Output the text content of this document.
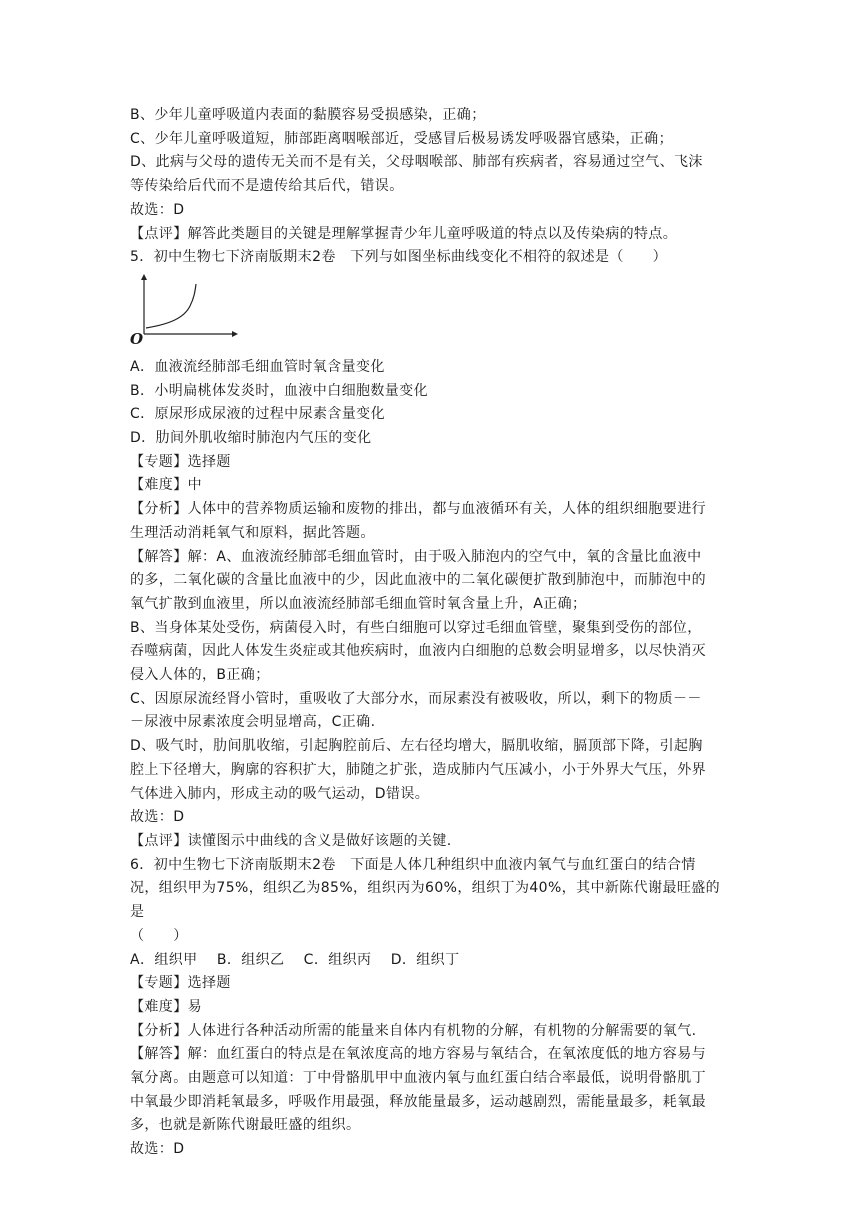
B、少年儿童呼吸道内表面的黏膜容易受损感染，正确；

C、少年儿童呼吸道短，肺部距离咽喉部近，受感冒后极易诱发呼吸器官感染，正确；

D、此病与父母的遗传无关而不是有关，父母咽喉部、肺部有疾病者，容易通过空气、飞沫

等传染给后代而不是遗传给其后代，错误。

故选：D

【点评】解答此类题目的关键是理解掌握青少年儿童呼吸道的特点以及传染病的特点。

5．初中生物七下济南版期末2卷　下列与如图坐标曲线变化不相符的叙述是（　　）

O

A．血液流经肺部毛细血管时氧含量变化

B．小明扁桃体发炎时，血液中白细胞数量变化

C．原尿形成尿液的过程中尿素含量变化

D．肋间外肌收缩时肺泡内气压的变化

【专题】选择题

【难度】中

【分析】人体中的营养物质运输和废物的排出，都与血液循环有关，人体的组织细胞要进行

生理活动消耗氧气和原料，据此答题。

【解答】解：A、血液流经肺部毛细血管时，由于吸入肺泡内的空气中，氧的含量比血液中

的多，二氧化碳的含量比血液中的少，因此血液中的二氧化碳便扩散到肺泡中，而肺泡中的

氧气扩散到血液里，所以血液流经肺部毛细血管时氧含量上升，A正确；

B、当身体某处受伤，病菌侵入时，有些白细胞可以穿过毛细血管壁，聚集到受伤的部位，

吞噬病菌，因此人体发生炎症或其他疾病时，血液内白细胞的总数会明显增多，以尽快消灭

侵入人体的，B正确；

C、因原尿流经肾小管时，重吸收了大部分水，而尿素没有被吸收，所以，剩下的物质－－

－尿液中尿素浓度会明显增高，C正确.

D、吸气时，肋间肌收缩，引起胸腔前后、左右径均增大，膈肌收缩，膈顶部下降，引起胸

腔上下径增大，胸廓的容积扩大，肺随之扩张，造成肺内气压减小，小于外界大气压，外界

气体进入肺内，形成主动的吸气运动，D错误。

故选：D

【点评】读懂图示中曲线的含义是做好该题的关键.

6．初中生物七下济南版期末2卷　下面是人体几种组织中血液内氧气与血红蛋白的结合情

况，组织甲为75%，组织乙为85%，组织丙为60%，组织丁为40%，其中新陈代谢最旺盛的是

（　　）

A．组织甲　 B．组织乙　 C．组织丙　 D．组织丁

【专题】选择题

【难度】易

【分析】人体进行各种活动所需的能量来自体内有机物的分解，有机物的分解需要的氧气.

【解答】解：血红蛋白的特点是在氧浓度高的地方容易与氧结合，在氧浓度低的地方容易与

氧分离。由题意可以知道：丁中骨骼肌甲中血液内氧与血红蛋白结合率最低，说明骨骼肌丁

中氧最少即消耗氧最多，呼吸作用最强，释放能量最多，运动越剧烈，需能量最多，耗氧最

多，也就是新陈代谢最旺盛的组织。

故选：D
